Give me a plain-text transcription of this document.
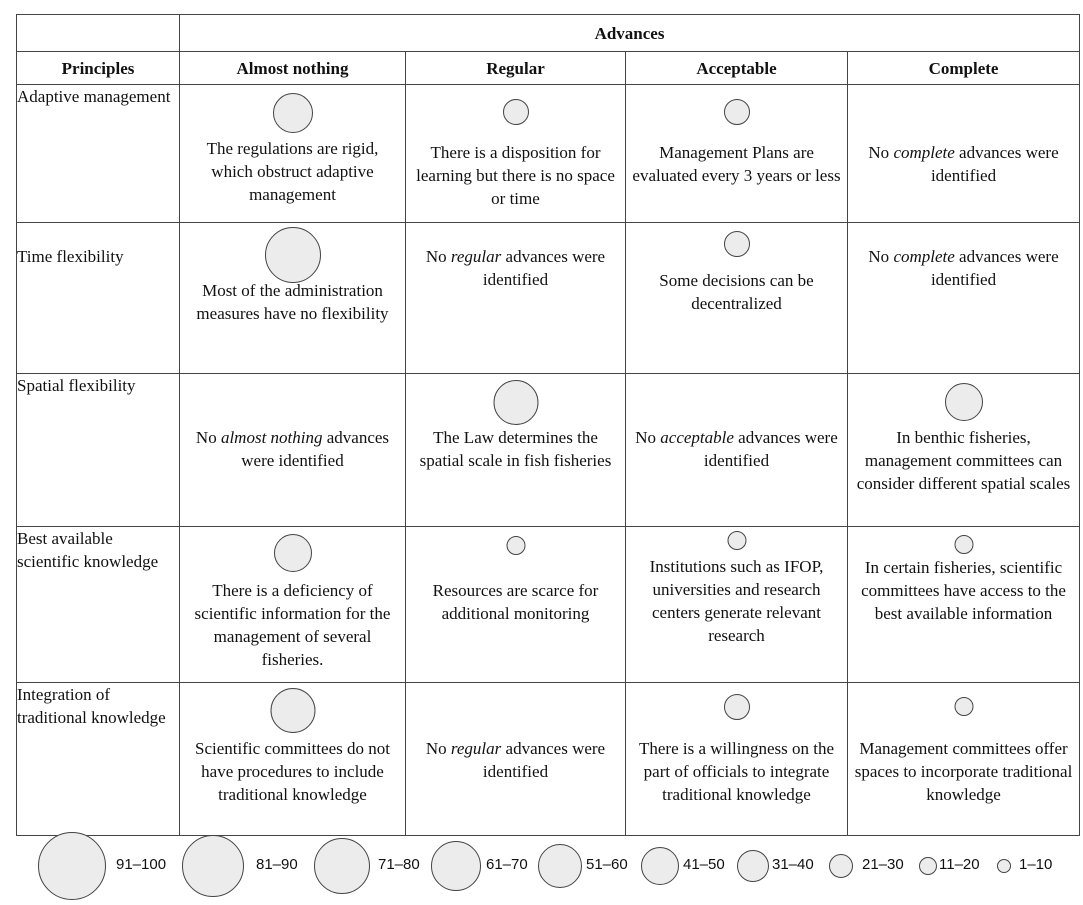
	Advances			
Principles	Almost nothing	Regular	Acceptable	Complete
Adaptive management	The regulations are rigid, which obstruct adaptive management	There is a disposition for learning but there is no space or time	Management Plans are evaluated every 3 years or less	No complete advances were identified

Time flexibility	Most of the administration measures have no flexibility	No regular advances were identified	Some decisions can be decentralized	No complete advances were identified

Spatial flexibility	No almost nothing advances were identified	The Law determines the spatial scale in fish fisheries	No acceptable advances were identified	In benthic fisheries, management committees can consider different spatial scales

Best available scientific knowledge	There is a deficiency of scientific information for the management of several fisheries.	Resources are scarce for additional monitoring	Institutions such as IFOP, universities and research centers generate relevant research	In certain fisheries, scientific committees have access to the best available information

Integration of traditional knowledge	Scientific committees do not have procedures to include traditional knowledge	No regular advances were identified	There is a willingness on the part of officials to integrate traditional knowledge	Management committees offer spaces to incorporate traditional knowledge
91–100	81–90	71–80	61–70	51–60	41–50	31–40	21–30 11–20	1–10
